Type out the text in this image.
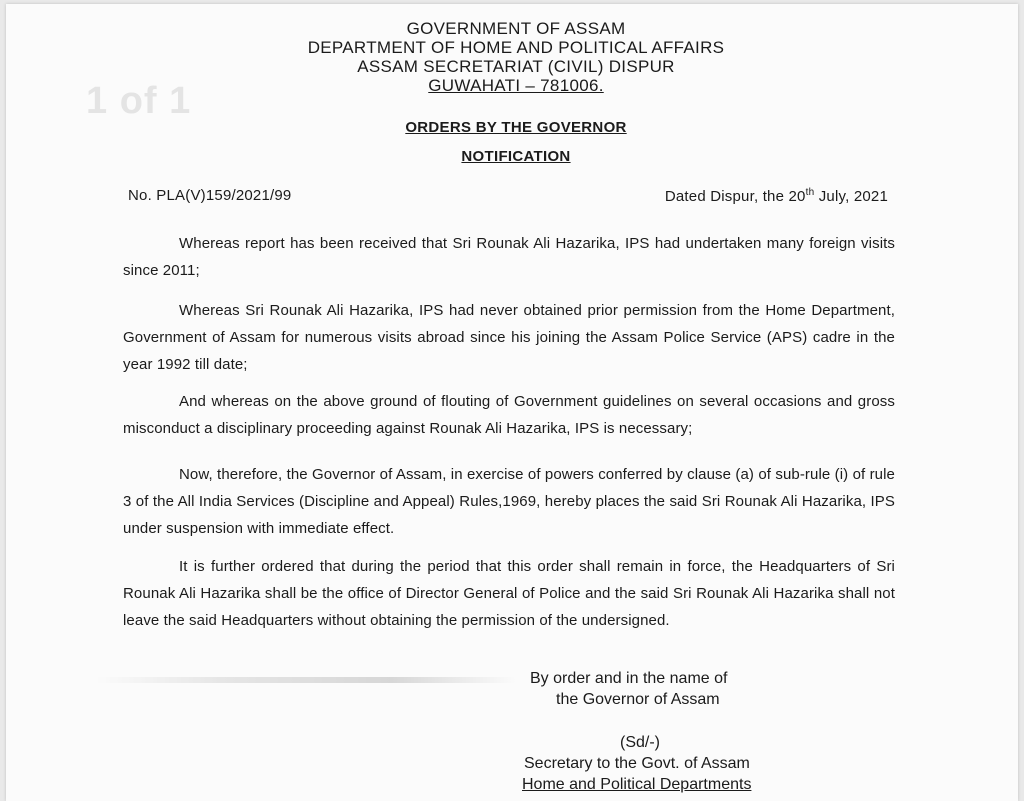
1 of 1
GOVERNMENT OF ASSAM
DEPARTMENT OF HOME AND POLITICAL AFFAIRS
ASSAM SECRETARIAT (CIVIL) DISPUR
GUWAHATI – 781006.
ORDERS BY THE GOVERNOR
NOTIFICATION
No. PLA(V)159/2021/99	Dated Dispur, the 20th July, 2021
Whereas report has been received that Sri Rounak Ali Hazarika, IPS had undertaken many foreign visits since 2011;
Whereas Sri Rounak Ali Hazarika, IPS had never obtained prior permission from the Home Department, Government of Assam for numerous visits abroad since his joining the Assam Police Service (APS) cadre in the year 1992 till date;
And whereas on the above ground of flouting of Government guidelines on several occasions and gross misconduct a disciplinary proceeding against Rounak Ali Hazarika, IPS is necessary;
Now, therefore, the Governor of Assam, in exercise of powers conferred by clause (a) of sub-rule (i) of rule 3 of the All India Services (Discipline and Appeal) Rules,1969, hereby places the said Sri Rounak Ali Hazarika, IPS under suspension with immediate effect.
It is further ordered that during the period that this order shall remain in force, the Headquarters of Sri Rounak Ali Hazarika shall be the office of Director General of Police and the said Sri Rounak Ali Hazarika shall not leave the said Headquarters without obtaining the permission of the undersigned.
By order and in the name of
the Governor of Assam
(Sd/-)
Secretary to the Govt. of Assam
Home and Political Departments
